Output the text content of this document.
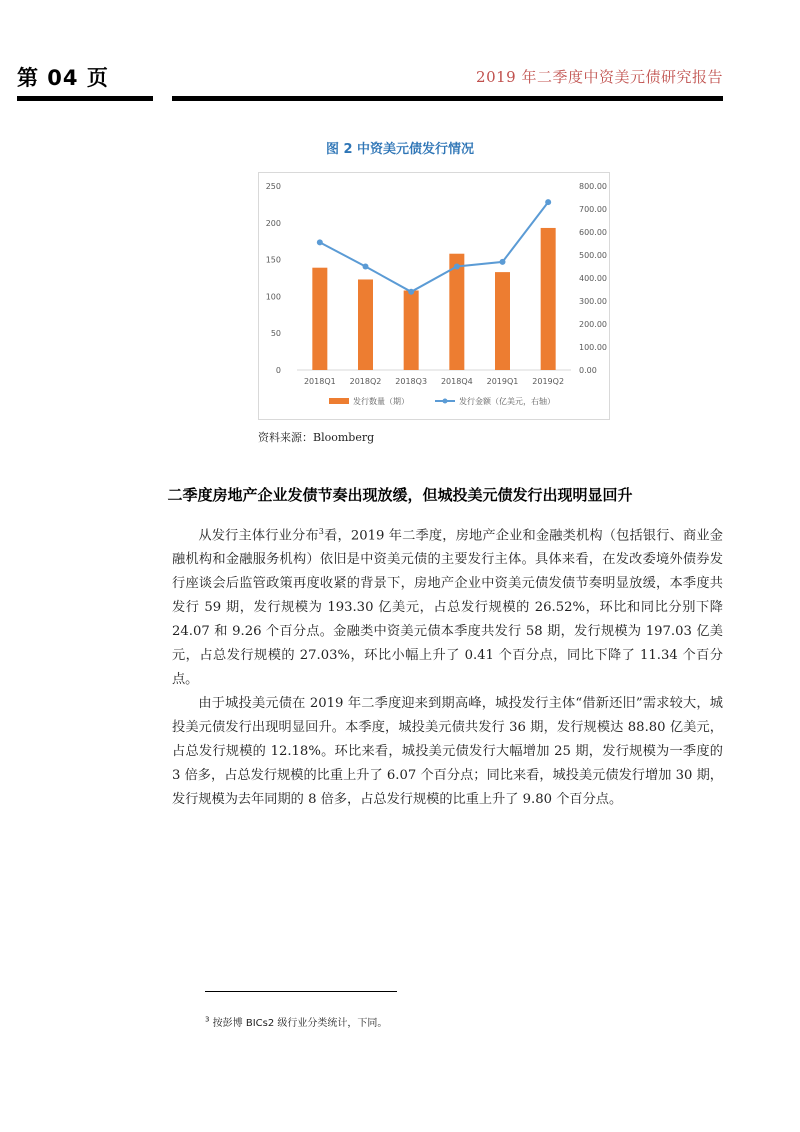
第 04 页	2019 年二季度中资美元债研究报告
图 2 中资美元债发行情况
0
50
100
150
200
250
0.00
100.00
200.00
300.00
400.00
500.00
600.00
700.00
800.00
2018Q1 2018Q2 2018Q3 2018Q4 2019Q1 2019Q2
发行数量（期）	发行金额（亿美元，右轴）
资料来源：Bloomberg
二季度房地产企业发债节奏出现放缓，但城投美元债发行出现明显回升

从发行主体行业分布$^3$看，2019 年二季度，房地产企业和金融类机构（包括银行、商业金融机构和金融服务机构）依旧是中资美元债的主要发行主体。具体来看，在发改委境外债券发行座谈会后监管政策再度收紧的背景下，房地产企业中资美元债发债节奏明显放缓，本季度共发行 59 期，发行规模为 193.30 亿美元，占总发行规模的 26.52%，环比和同比分别下降 24.07 和 9.26 个百分点。金融类中资美元债本季度共发行 58 期，发行规模为 197.03 亿美元，占总发行规模的 27.03%，环比小幅上升了 0.41 个百分点，同比下降了 11.34 个百分点。

由于城投美元债在 2019 年二季度迎来到期高峰，城投发行主体“借新还旧”需求较大，城投美元债发行出现明显回升。本季度，城投美元债共发行 36 期，发行规模达 88.80 亿美元，占总发行规模的 12.18%。环比来看，城投美元债发行大幅增加 25 期，发行规模为一季度的 3 倍多，占总发行规模的比重上升了 6.07 个百分点；同比来看，城投美元债发行增加 30 期，发行规模为去年同期的 8 倍多，占总发行规模的比重上升了 9.80 个百分点。

$^3$ 按彭博 BICs2 级行业分类统计，下同。
